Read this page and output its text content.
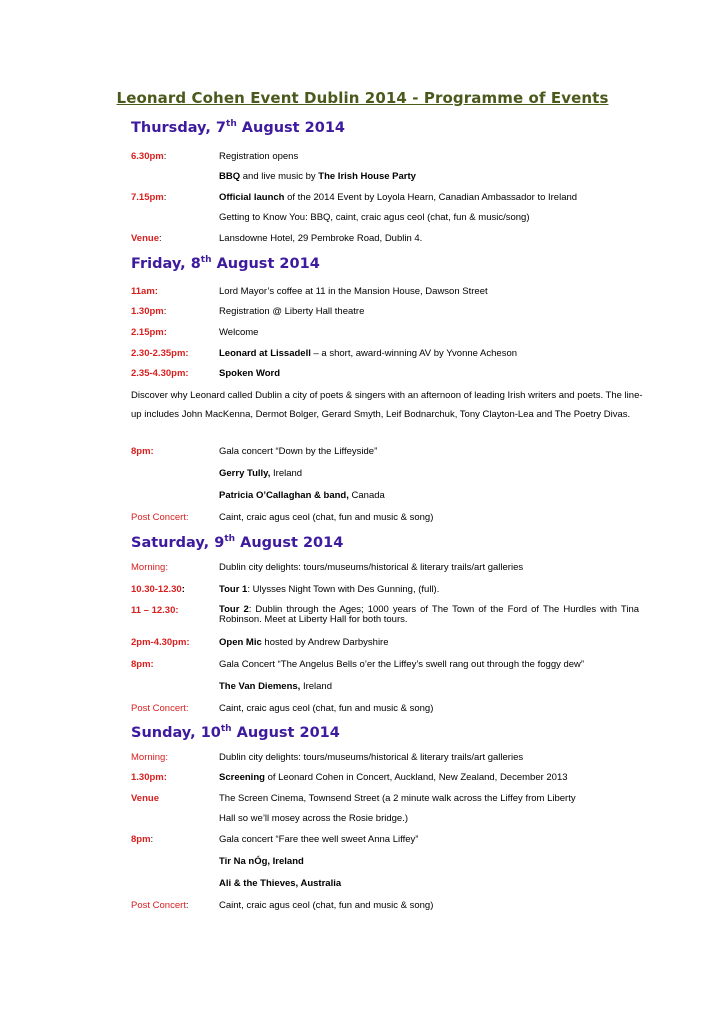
Leonard Cohen Event Dublin 2014 - Programme of Events
Thursday, 7th August 2014
6.30pm:	Registration opens
BBQ and live music by The Irish House Party
7.15pm:	Official launch of the 2014 Event by Loyola Hearn, Canadian Ambassador to Ireland
Getting to Know You: BBQ, caint, craic agus ceol (chat, fun & music/song)
Venue:	Lansdowne Hotel, 29 Pembroke Road, Dublin 4.
Friday, 8th August 2014
11am:	Lord Mayor’s coffee at 11 in the Mansion House, Dawson Street
1.30pm:	Registration @ Liberty Hall theatre
2.15pm:	Welcome
2.30-2.35pm:	Leonard at Lissadell – a short, award-winning AV by Yvonne Acheson
2.35-4.30pm:	Spoken Word
Discover why Leonard called Dublin a city of poets & singers with an afternoon of leading Irish writers and poets. The line-up includes John MacKenna, Dermot Bolger, Gerard Smyth, Leif Bodnarchuk, Tony Clayton-Lea and The Poetry Divas.
8pm:	Gala concert “Down by the Liffeyside”
Gerry Tully, Ireland
Patricia O’Callaghan & band, Canada
Post Concert:	Caint, craic agus ceol (chat, fun and music & song)
Saturday, 9th August 2014
Morning:	Dublin city delights: tours/museums/historical & literary trails/art galleries
10.30-12.30:	Tour 1: Ulysses Night Town with Des Gunning, (full).
11 – 12.30:	Tour 2: Dublin through the Ages; 1000 years of The Town of the Ford of The Hurdles with Tina Robinson. Meet at Liberty Hall for both tours.
2pm-4.30pm:	Open Mic hosted by Andrew Darbyshire
8pm:	Gala Concert “The Angelus Bells o’er the Liffey’s swell rang out through the foggy dew”
The Van Diemens, Ireland
Post Concert:	Caint, craic agus ceol (chat, fun and music & song)
Sunday, 10th August 2014
Morning:	Dublin city delights: tours/museums/historical & literary trails/art galleries
1.30pm:	Screening of Leonard Cohen in Concert, Auckland, New Zealand, December 2013
Venue	The Screen Cinema, Townsend Street (a 2 minute walk across the Liffey from Liberty
Hall so we’ll mosey across the Rosie bridge.)
8pm:	Gala concert “Fare thee well sweet Anna Liffey”
Tir Na nÓg, Ireland
Ali & the Thieves, Australia
Post Concert:	Caint, craic agus ceol (chat, fun and music & song)
